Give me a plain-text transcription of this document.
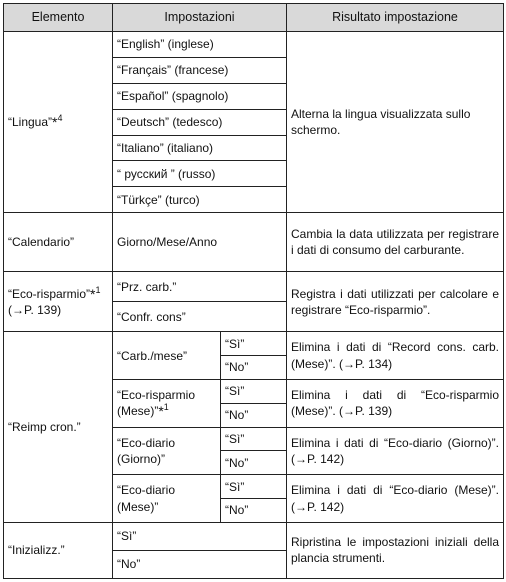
Elemento	Impostazioni		Risultato impostazione
“Lingua”*$^4$	“English” (inglese)		Alterna la lingua visualizzata sullo schermo.
	“Français” (francese)		
	“Español” (spagnolo)		
	“Deutsch” (tedesco)		
	“Italiano” (italiano)		
	“ русский ” (russo)		
	“Türkçe” (turco)		
“Calendario”	Giorno/Mese/Anno		Cambia la data utilizzata per registrare i dati di consumo del carburante.
“Eco-risparmio”*$^1$
(→P. 139)	“Prz. carb.”		Registra i dati utilizzati per calcolare e registrare “Eco-risparmio”.
	“Confr. cons”		
“Reimp cron.”	“Carb./mese”	“Sì”	Elimina i dati di “Record cons. carb. (Mese)”. (→P. 134)
		“No”	
	“Eco-risparmio (Mese)”*$^1$	“Sì”	Elimina i dati di “Eco-risparmio (Mese)”. (→P. 139)
		“No”	
	“Eco-diario (Giorno)”	“Sì”	Elimina i dati di “Eco-diario (Giorno)”. (→P. 142)
		“No”	
	“Eco-diario (Mese)”	“Sì”	Elimina i dati di “Eco-diario (Mese)”. (→P. 142)
		“No”	
“Inizializz.”	“Sì”		Ripristina le impostazioni iniziali della plancia strumenti.
	“No”		
